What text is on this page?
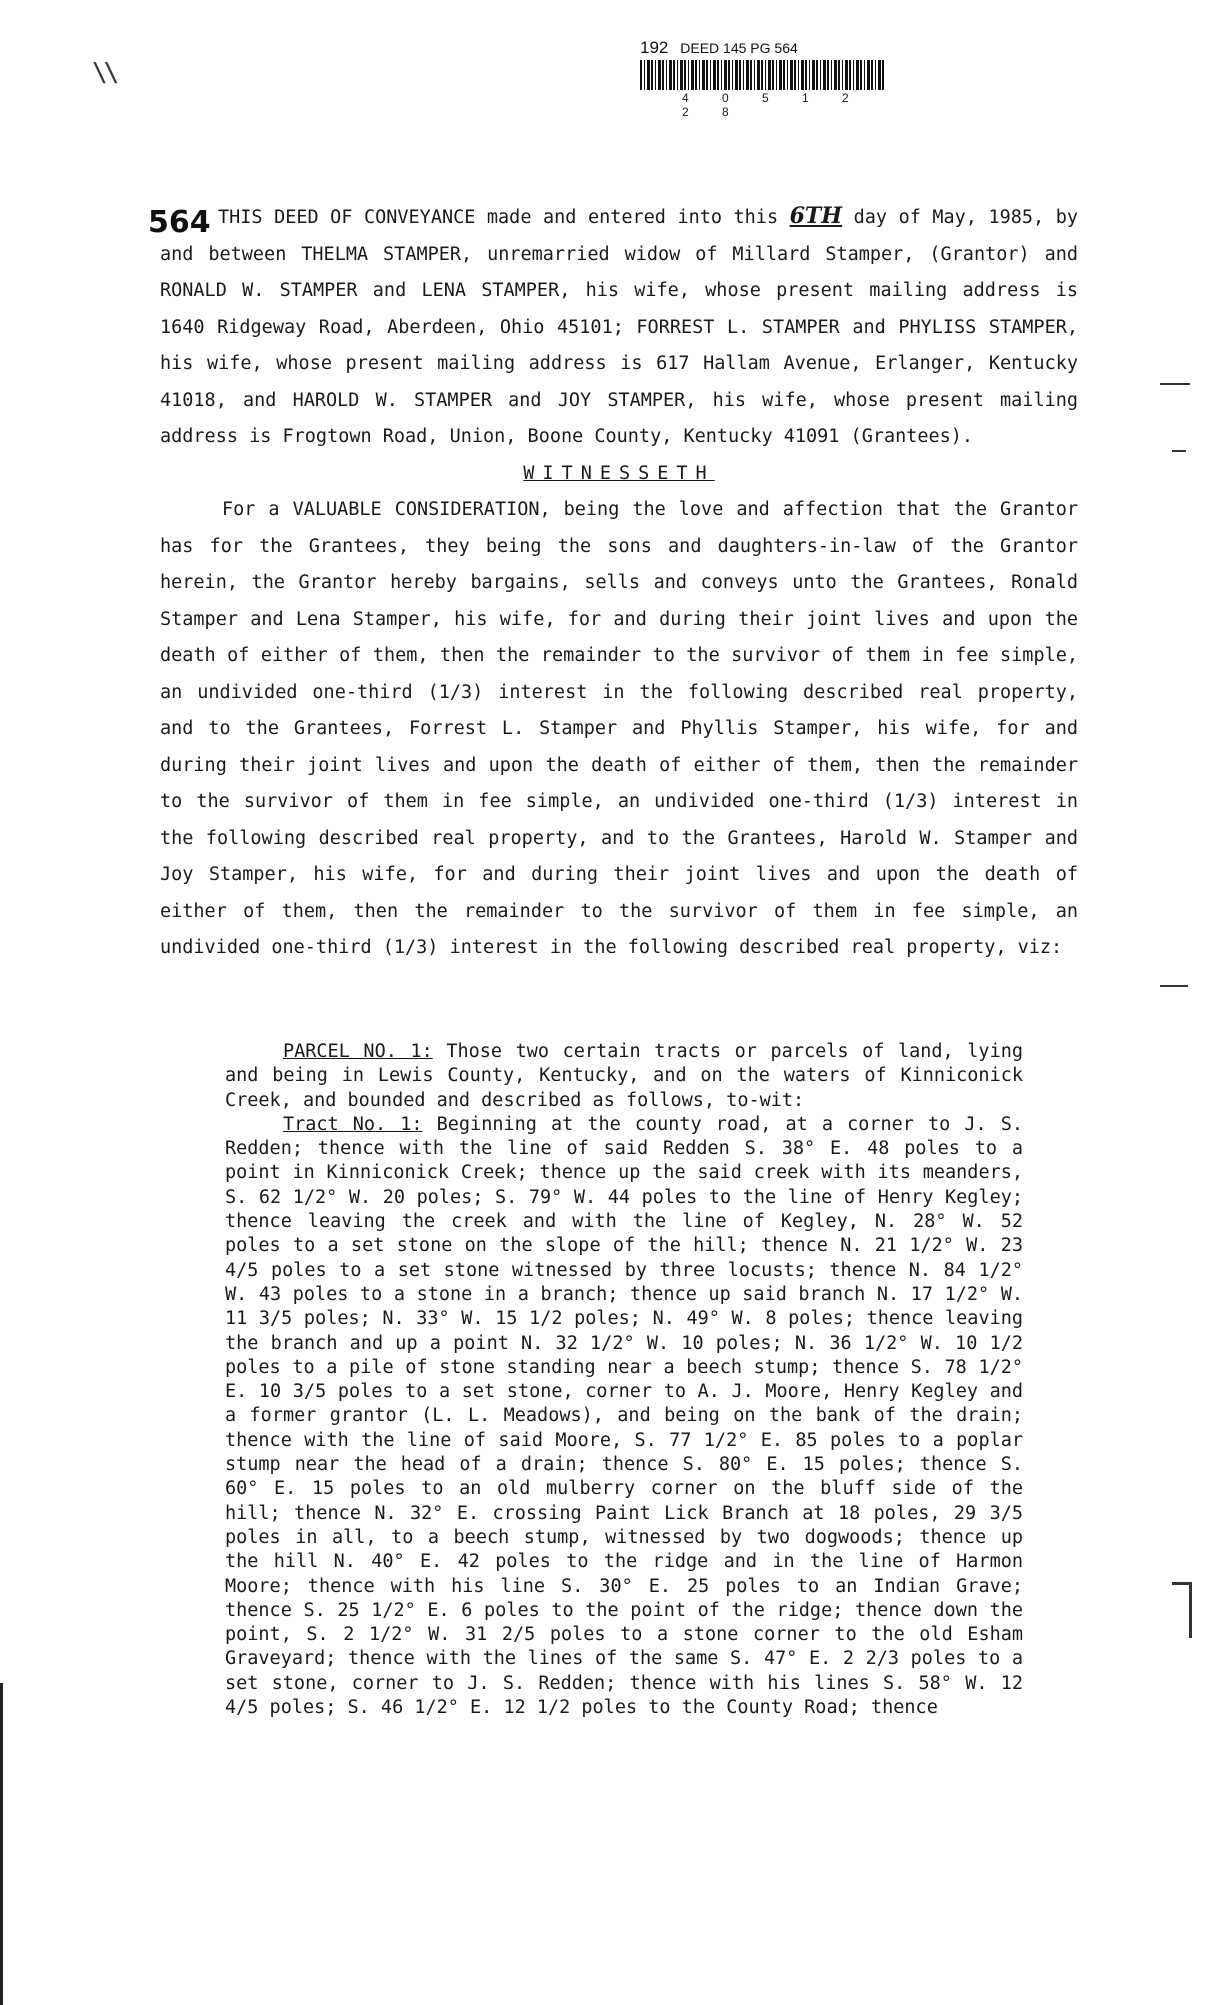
\\
192 DEED 145 PG 564
4 0 5 1 2 2 8
564 THIS DEED OF CONVEYANCE made and entered into this 6TH day of May, 1985, by and between THELMA STAMPER, unremarried widow of Millard Stamper, (Grantor) and RONALD W. STAMPER and LENA STAMPER, his wife, whose present mailing address is 1640 Ridgeway Road, Aberdeen, Ohio 45101; FORREST L. STAMPER and PHYLISS STAMPER, his wife, whose present mailing address is 617 Hallam Avenue, Erlanger, Kentucky 41018, and HAROLD W. STAMPER and JOY STAMPER, his wife, whose present mailing address is Frogtown Road, Union, Boone County, Kentucky 41091 (Grantees).

WITNESSETH

For a VALUABLE CONSIDERATION, being the love and affection that the Grantor has for the Grantees, they being the sons and daughters-in-law of the Grantor herein, the Grantor hereby bargains, sells and conveys unto the Grantees, Ronald Stamper and Lena Stamper, his wife, for and during their joint lives and upon the death of either of them, then the remainder to the survivor of them in fee simple, an undivided one-third (1/3) interest in the following described real property, and to the Grantees, Forrest L. Stamper and Phyllis Stamper, his wife, for and during their joint lives and upon the death of either of them, then the remainder to the survivor of them in fee simple, an undivided one-third (1/3) interest in the following described real property, and to the Grantees, Harold W. Stamper and Joy Stamper, his wife, for and during their joint lives and upon the death of either of them, then the remainder to the survivor of them in fee simple, an undivided one-third (1/3) interest in the following described real property, viz:

PARCEL NO. 1: Those two certain tracts or parcels of land, lying and being in Lewis County, Kentucky, and on the waters of Kinniconick Creek, and bounded and described as follows, to-wit:

Tract No. 1: Beginning at the county road, at a corner to J. S. Redden; thence with the line of said Redden S. 38° E. 48 poles to a point in Kinniconick Creek; thence up the said creek with its meanders, S. 62 1/2° W. 20 poles; S. 79° W. 44 poles to the line of Henry Kegley; thence leaving the creek and with the line of Kegley, N. 28° W. 52 poles to a set stone on the slope of the hill; thence N. 21 1/2° W. 23 4/5 poles to a set stone witnessed by three locusts; thence N. 84 1/2° W. 43 poles to a stone in a branch; thence up said branch N. 17 1/2° W. 11 3/5 poles; N. 33° W. 15 1/2 poles; N. 49° W. 8 poles; thence leaving the branch and up a point N. 32 1/2° W. 10 poles; N. 36 1/2° W. 10 1/2 poles to a pile of stone standing near a beech stump; thence S. 78 1/2° E. 10 3/5 poles to a set stone, corner to A. J. Moore, Henry Kegley and a former grantor (L. L. Meadows), and being on the bank of the drain; thence with the line of said Moore, S. 77 1/2° E. 85 poles to a poplar stump near the head of a drain; thence S. 80° E. 15 poles; thence S. 60° E. 15 poles to an old mulberry corner on the bluff side of the hill; thence N. 32° E. crossing Paint Lick Branch at 18 poles, 29 3/5 poles in all, to a beech stump, witnessed by two dogwoods; thence up the hill N. 40° E. 42 poles to the ridge and in the line of Harmon Moore; thence with his line S. 30° E. 25 poles to an Indian Grave; thence S. 25 1/2° E. 6 poles to the point of the ridge; thence down the point, S. 2 1/2° W. 31 2/5 poles to a stone corner to the old Esham Graveyard; thence with the lines of the same S. 47° E. 2 2/3 poles to a set stone, corner to J. S. Redden; thence with his lines S. 58° W. 12 4/5 poles; S. 46 1/2° E. 12 1/2 poles to the County Road; thence
